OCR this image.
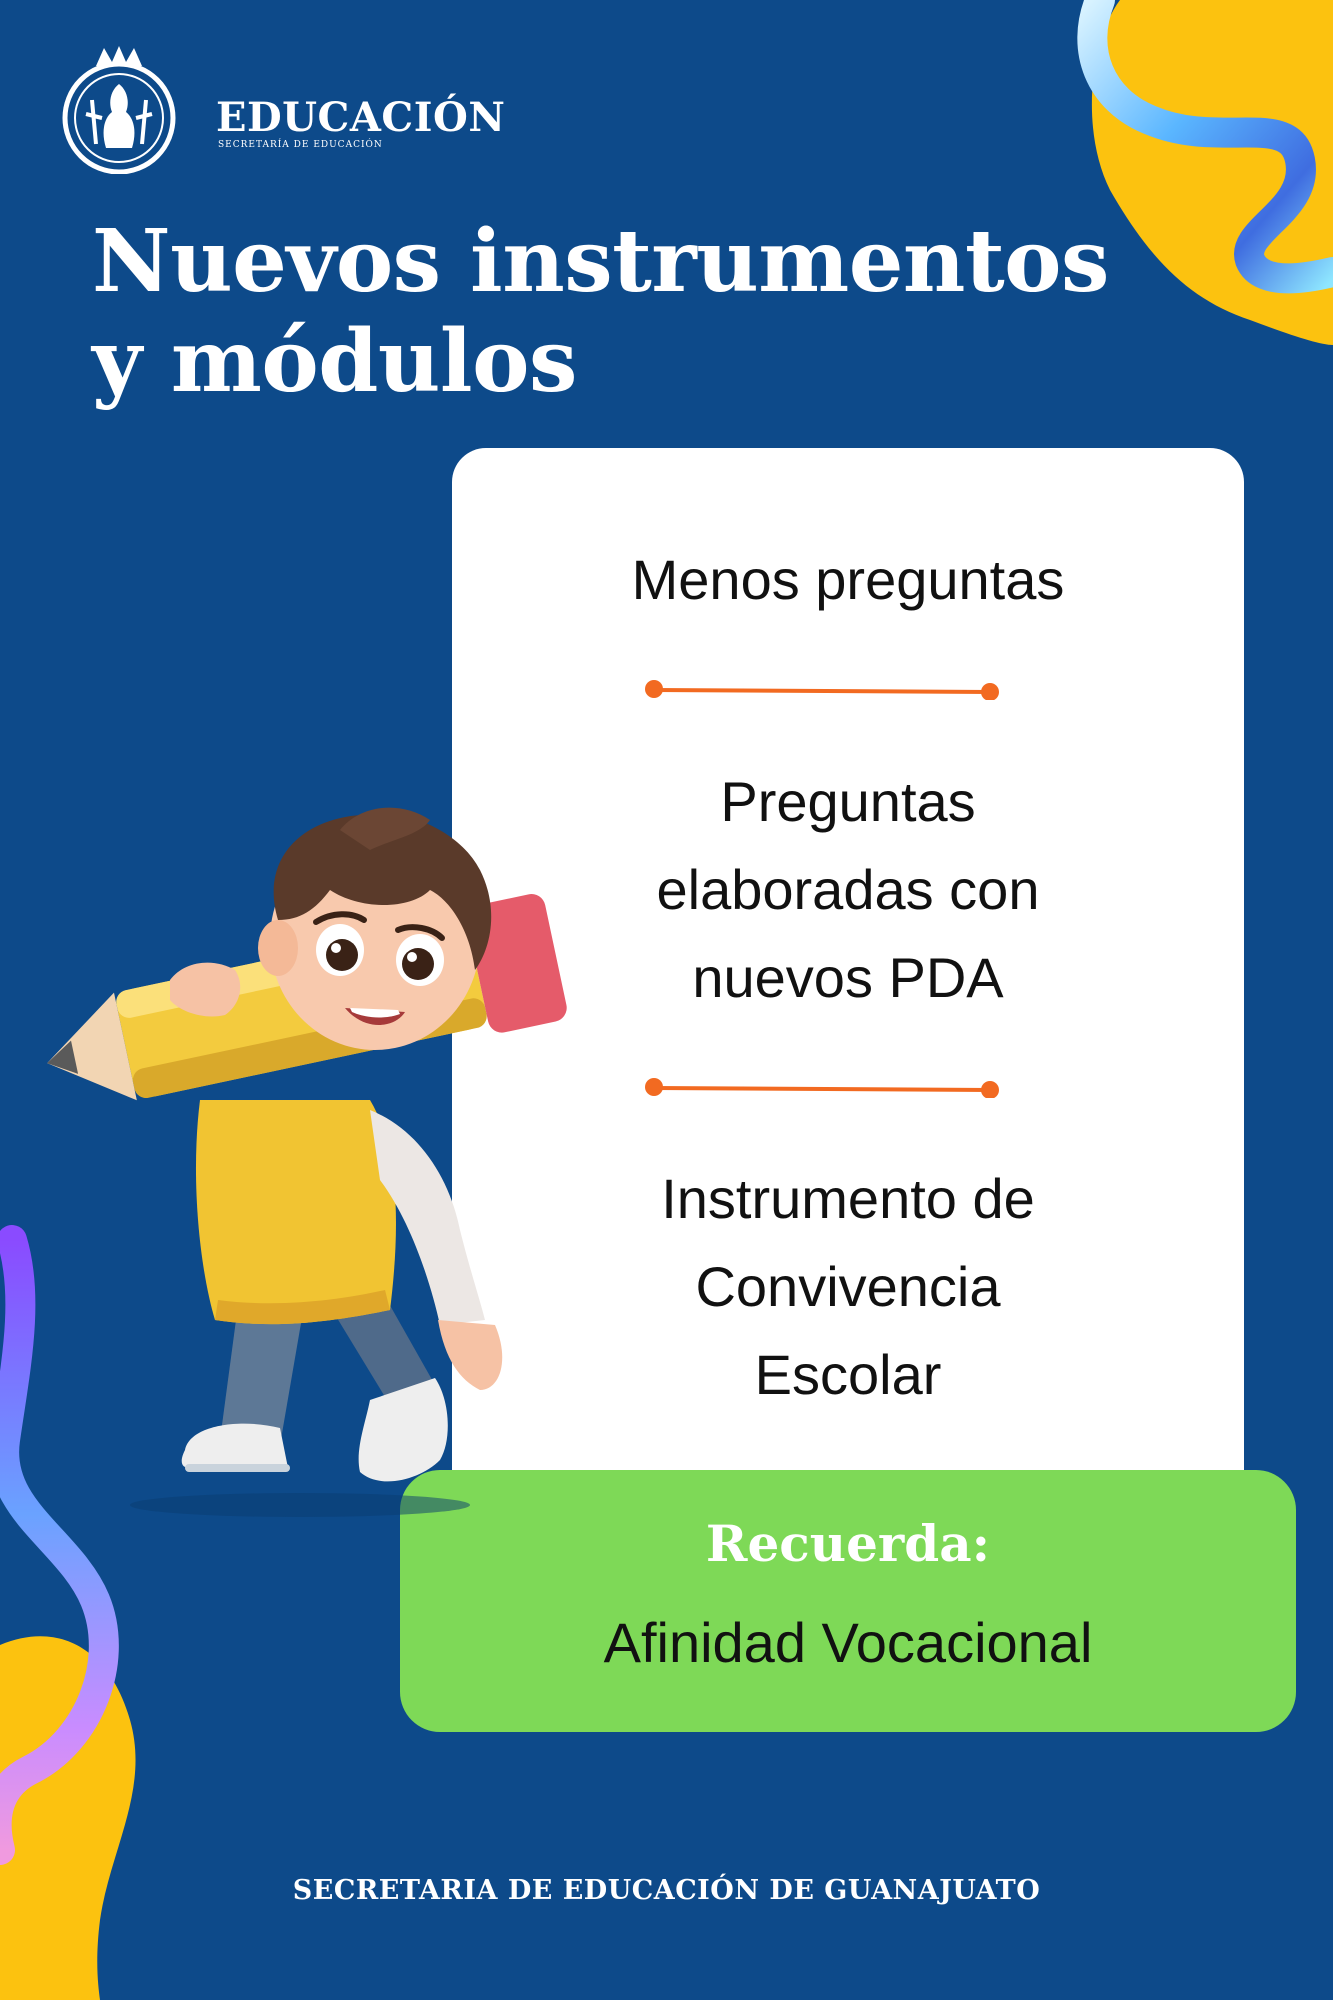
EDUCACIÓN
SECRETARÍA DE EDUCACIÓN
Nuevos instrumentos
y módulos
Menos preguntas
Preguntas
elaboradas con
nuevos PDA
Instrumento de
Convivencia
Escolar
Recuerda:
Afinidad Vocacional
SECRETARIA DE EDUCACIÓN DE GUANAJUATO
